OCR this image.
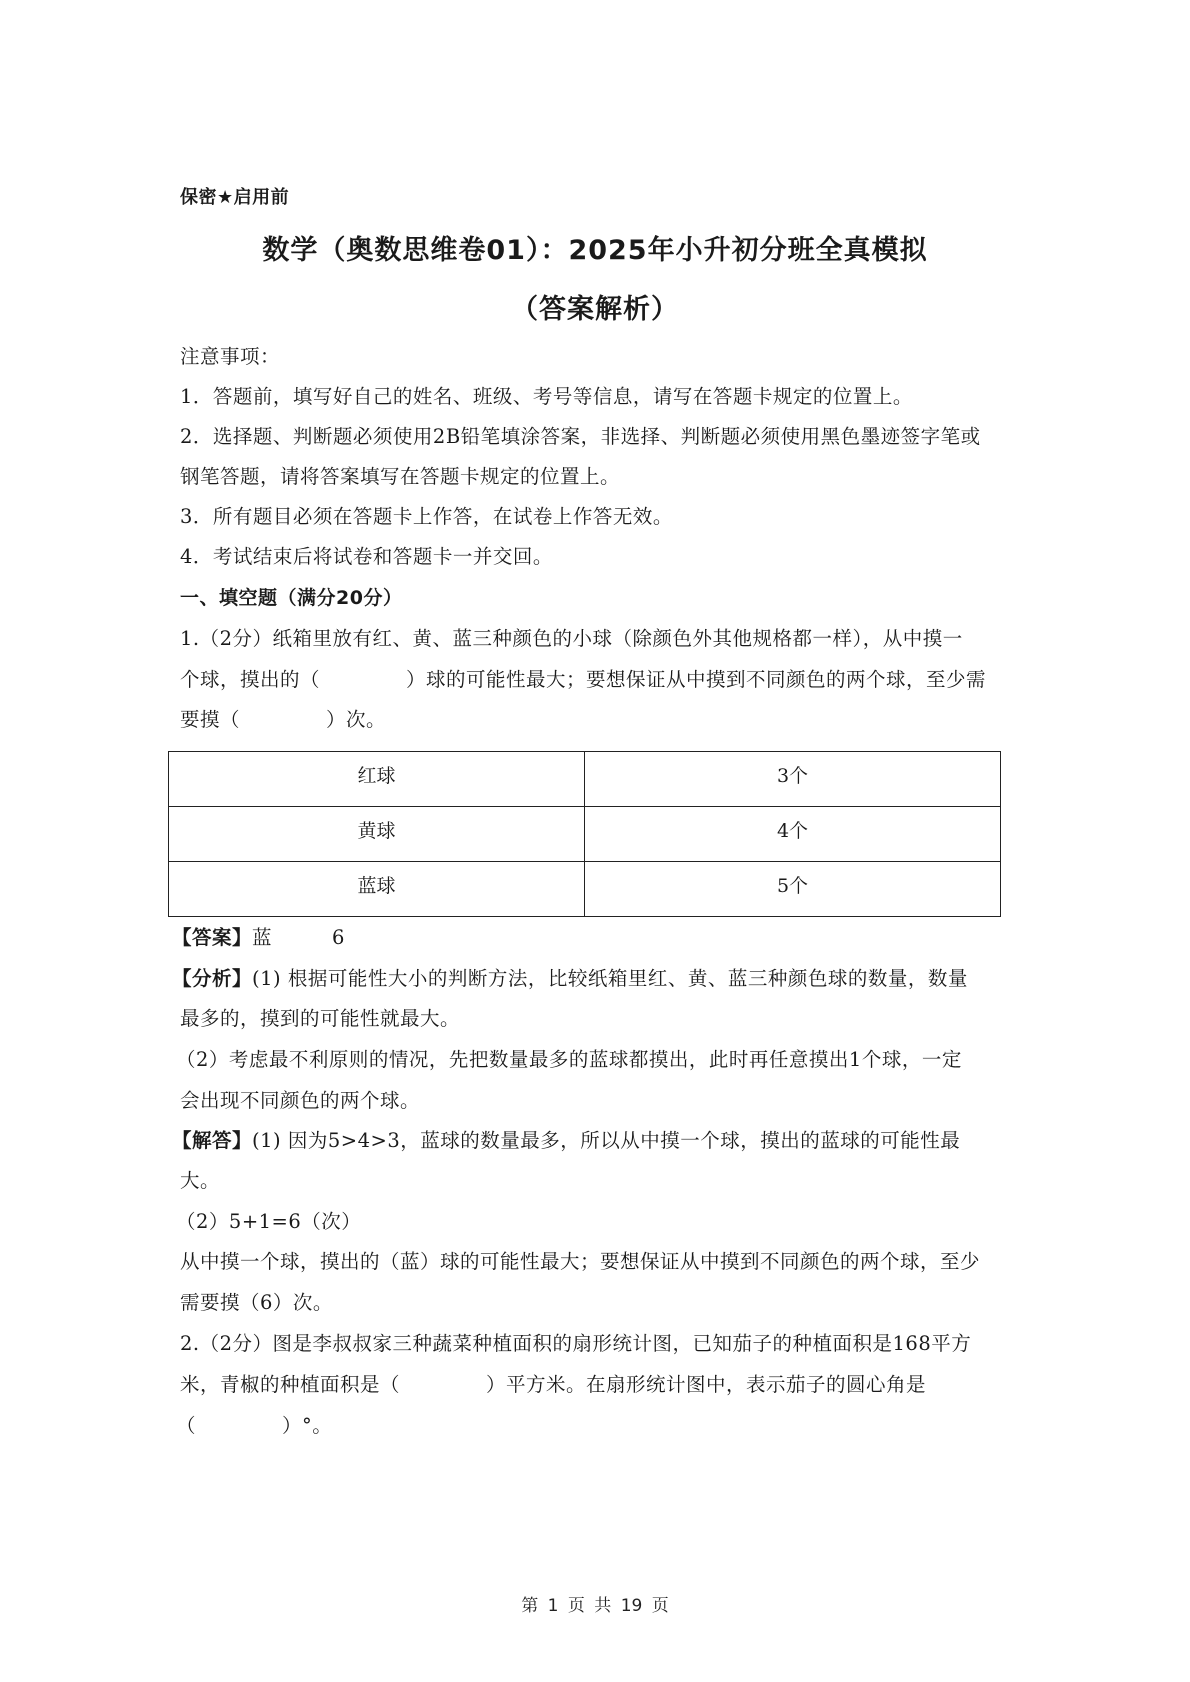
保密★启用前
数学（奥数思维卷01）：2025年小升初分班全真模拟
（答案解析）
注意事项：
1．答题前，填写好自己的姓名、班级、考号等信息，请写在答题卡规定的位置上。
2．选择题、判断题必须使用2B铅笔填涂答案，非选择、判断题必须使用黑色墨迹签字笔或
钢笔答题，请将答案填写在答题卡规定的位置上。
3．所有题目必须在答题卡上作答，在试卷上作答无效。
4．考试结束后将试卷和答题卡一并交回。
一、填空题（满分20分）
1.（2分）纸箱里放有红、黄、蓝三种颜色的小球（除颜色外其他规格都一样），从中摸一
个球，摸出的（	）球的可能性最大；要想保证从中摸到不同颜色的两个球，至少需
要摸（	）次。
红球	3个
黄球	4个
蓝球	5个
【答案】蓝	6
【分析】(1) 根据可能性大小的判断方法，比较纸箱里红、黄、蓝三种颜色球的数量，数量
最多的，摸到的可能性就最大。
（2）考虑最不利原则的情况，先把数量最多的蓝球都摸出，此时再任意摸出1个球，一定
会出现不同颜色的两个球。
【解答】(1) 因为5>4>3，蓝球的数量最多，所以从中摸一个球，摸出的蓝球的可能性最
大。
（2）5+1=6（次）
从中摸一个球，摸出的（蓝）球的可能性最大；要想保证从中摸到不同颜色的两个球，至少
需要摸（6）次。
2.（2分）图是李叔叔家三种蔬菜种植面积的扇形统计图，已知茄子的种植面积是168平方
米，青椒的种植面积是（	）平方米。在扇形统计图中，表示茄子的圆心角是
（	）°。
第 1 页 共 19 页
